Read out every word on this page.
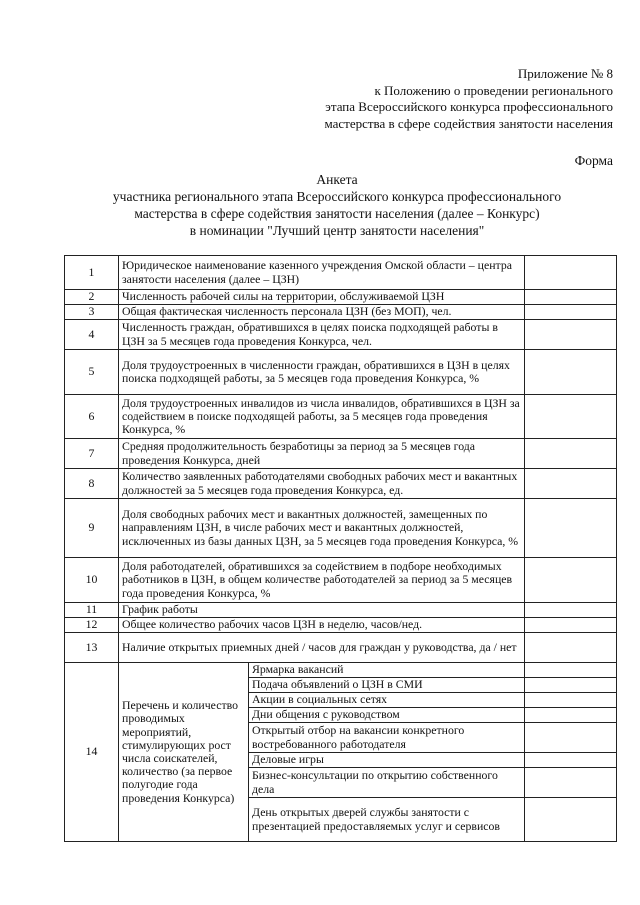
Приложение № 8
к Положению о проведении регионального
этапа Всероссийского конкурса профессионального
мастерства в сфере содействия занятости населения
Форма
Анкета
участника регионального этапа Всероссийского конкурса профессионального
мастерства в сфере содействия занятости населения (далее – Конкурс)
в номинации "Лучший центр занятости населения"
1	Юридическое наименование казенного учреждения Омской области – центра занятости населения (далее – ЦЗН)		
2	Численность рабочей силы на территории, обслуживаемой ЦЗН		
3	Общая фактическая численность персонала ЦЗН (без МОП), чел.		
4	Численность граждан, обратившихся в целях поиска подходящей работы в ЦЗН за 5 месяцев года проведения Конкурса, чел.		
5	Доля трудоустроенных в численности граждан, обратившихся в ЦЗН в целях поиска подходящей работы, за 5 месяцев года проведения Конкурса, %		
6	Доля трудоустроенных инвалидов из числа инвалидов, обратившихся в ЦЗН за содействием в поиске подходящей работы, за 5 месяцев года проведения Конкурса, %		
7	Средняя продолжительность безработицы за период за 5 месяцев года проведения Конкурса, дней		
8	Количество заявленных работодателями свободных рабочих мест и вакантных должностей за 5 месяцев года проведения Конкурса, ед.		
9	Доля свободных рабочих мест и вакантных должностей, замещенных по направлениям ЦЗН, в числе рабочих мест и вакантных должностей, исключенных из базы данных ЦЗН, за 5 месяцев года проведения Конкурса, %		
10	Доля работодателей, обратившихся за содействием в подборе необходимых работников в ЦЗН, в общем количестве работодателей за период за 5 месяцев года проведения Конкурса, %		
11	График работы		
12	Общее количество рабочих часов ЦЗН в неделю, часов/нед.		
13	Наличие открытых приемных дней / часов для граждан у руководства, да / нет		
14	Перечень и количество проводимых мероприятий, стимулирующих рост числа соискателей, количество (за первое полугодие года проведения Конкурса)	Ярмарка вакансий	
		Подача объявлений о ЦЗН в СМИ	
		Акции в социальных сетях	
		Дни общения с руководством	
		Открытый отбор на вакансии конкретного востребованного работодателя	
		Деловые игры	
		Бизнес-консультации по открытию собственного дела	
		День открытых дверей службы занятости с презентацией предоставляемых услуг и сервисов	
